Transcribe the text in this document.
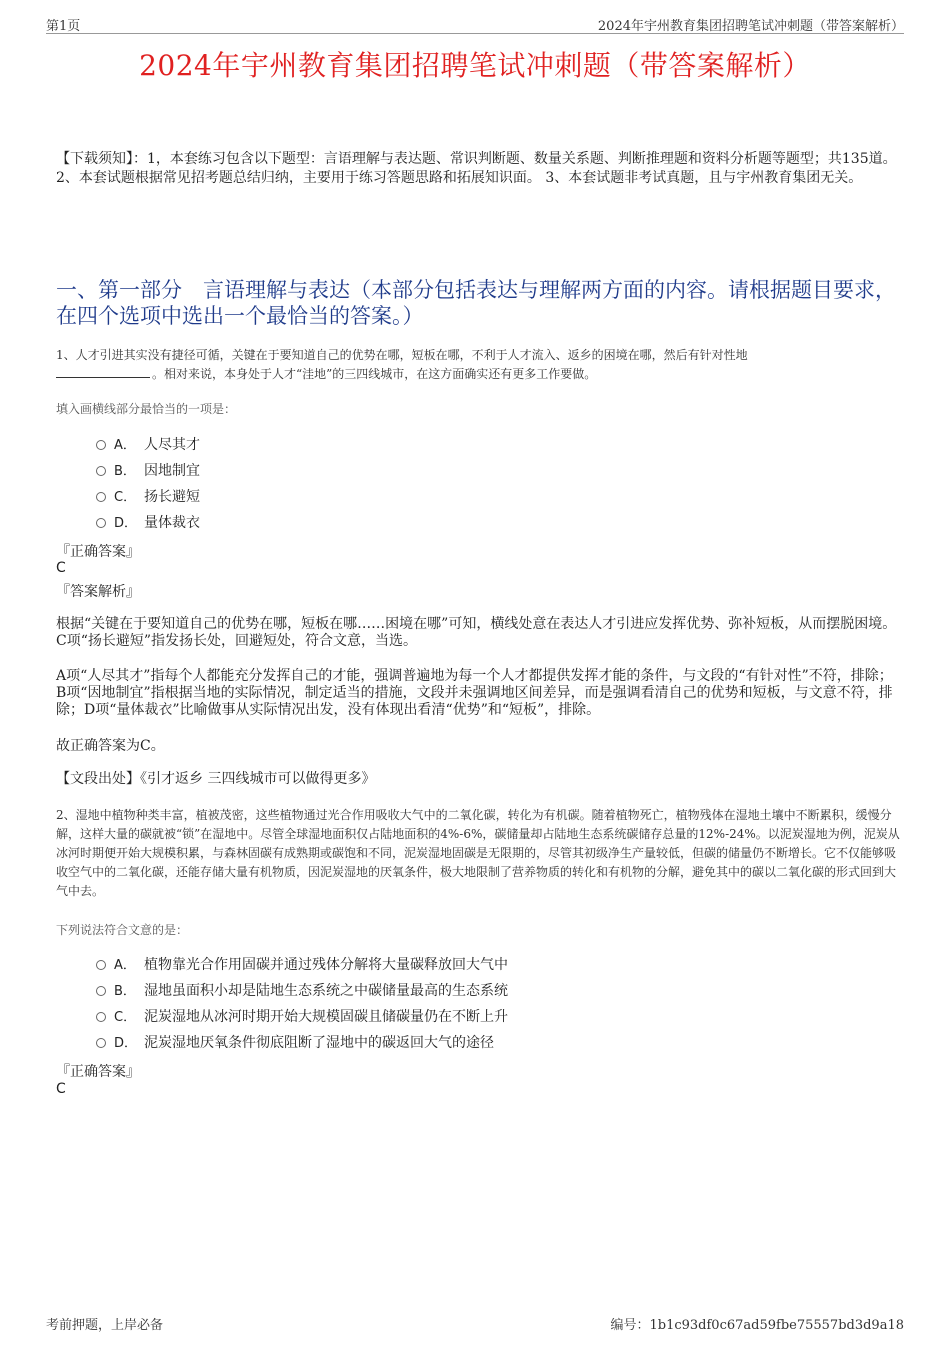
第1页	2024年宇州教育集团招聘笔试冲刺题（带答案解析）
2024年宇州教育集团招聘笔试冲刺题（带答案解析）
【下载须知】：1，本套练习包含以下题型：言语理解与表达题、常识判断题、数量关系题、判断推理题和资料分析题等题型；共135道。 2、本套试题根据常见招考题总结归纳，主要用于练习答题思路和拓展知识面。 3、本套试题非考试真题，且与宇州教育集团无关。
一、第一部分　言语理解与表达（本部分包括表达与理解两方面的内容。请根据题目要求，在四个选项中选出一个最恰当的答案。）
1、人才引进其实没有捷径可循，关键在于要知道自己的优势在哪，短板在哪，不利于人才流入、返乡的困境在哪，然后有针对性地
。相对来说，本身处于人才“洼地”的三四线城市，在这方面确实还有更多工作要做。
填入画横线部分最恰当的一项是：
A． 人尽其才
B． 因地制宜
C． 扬长避短
D． 量体裁衣
『正确答案』
C
『答案解析』
根据“关键在于要知道自己的优势在哪，短板在哪……困境在哪”可知，横线处意在表达人才引进应发挥优势、弥补短板，从而摆脱困境。C项“扬长避短”指发扬长处，回避短处，符合文意，当选。
A项“人尽其才”指每个人都能充分发挥自己的才能，强调普遍地为每一个人才都提供发挥才能的条件，与文段的“有针对性”不符，排除；B项“因地制宜”指根据当地的实际情况，制定适当的措施，文段并未强调地区间差异，而是强调看清自己的优势和短板，与文意不符，排除；D项“量体裁衣”比喻做事从实际情况出发，没有体现出看清“优势”和“短板”，排除。
故正确答案为C。
【文段出处】《引才返乡 三四线城市可以做得更多》
2、湿地中植物种类丰富，植被茂密，这些植物通过光合作用吸收大气中的二氧化碳，转化为有机碳。随着植物死亡，植物残体在湿地土壤中不断累积，缓慢分解，这样大量的碳就被“锁”在湿地中。尽管全球湿地面积仅占陆地面积的4%-6%，碳储量却占陆地生态系统碳储存总量的12%-24%。以泥炭湿地为例，泥炭从冰河时期便开始大规模积累，与森林固碳有成熟期或碳饱和不同，泥炭湿地固碳是无限期的，尽管其初级净生产量较低，但碳的储量仍不断增长。它不仅能够吸收空气中的二氧化碳，还能存储大量有机物质，因泥炭湿地的厌氧条件，极大地限制了营养物质的转化和有机物的分解，避免其中的碳以二氧化碳的形式回到大气中去。
下列说法符合文意的是：
A． 植物靠光合作用固碳并通过残体分解将大量碳释放回大气中
B． 湿地虽面积小却是陆地生态系统之中碳储量最高的生态系统
C． 泥炭湿地从冰河时期开始大规模固碳且储碳量仍在不断上升
D． 泥炭湿地厌氧条件彻底阻断了湿地中的碳返回大气的途径
『正确答案』
C
考前押题，上岸必备	编号：1b1c93df0c67ad59fbe75557bd3d9a18
